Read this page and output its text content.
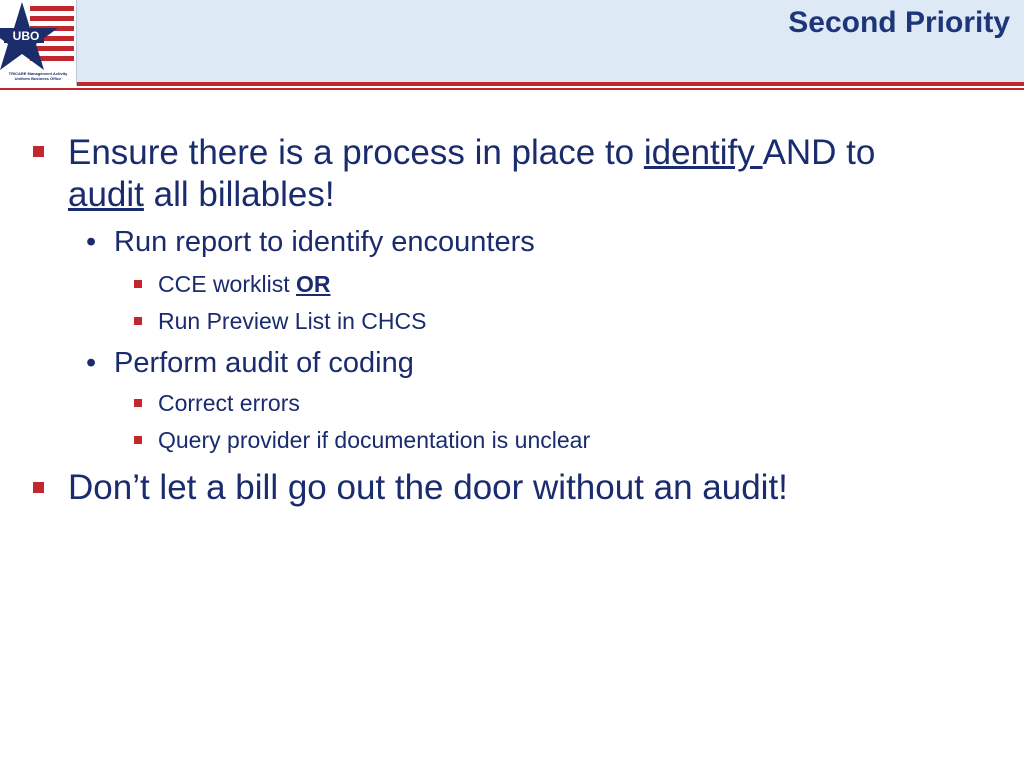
UBO
TRICARE Management Activity
Uniform Business Office
Second Priority
Ensure there is a process in place to identify AND to
audit all billables!
• Run report to identify encounters
CCE worklist OR
Run Preview List in CHCS
• Perform audit of coding
Correct errors
Query provider if documentation is unclear
Don’t let a bill go out the door without an audit!
